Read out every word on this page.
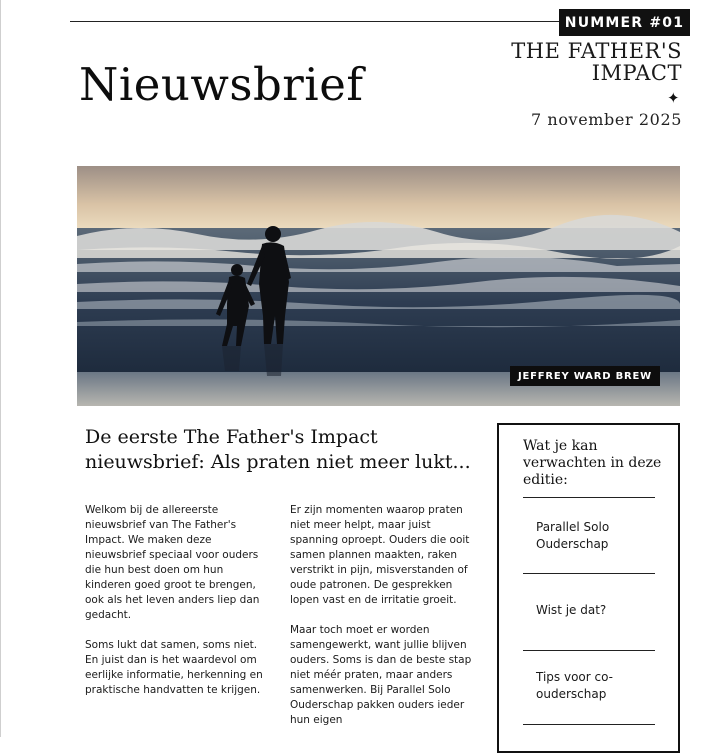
NUMMER #01
THE FATHER'S
IMPACT
✦
7 november 2025
Nieuwsbrief
JEFFREY WARD BREW
De eerste The Father's Impact nieuwsbrief: Als praten niet meer lukt...

Welkom bij de allereerste nieuwsbrief van The Father's Impact. We maken deze nieuwsbrief speciaal voor ouders die hun best doen om hun kinderen goed groot te brengen, ook als het leven anders liep dan gedacht.

Soms lukt dat samen, soms niet. En juist dan is het waardevol om eerlijke informatie, herkenning en praktische handvatten te krijgen.

Er zijn momenten waarop praten niet meer helpt, maar juist spanning oproept. Ouders die ooit samen plannen maakten, raken verstrikt in pijn, misverstanden of oude patronen. De gesprekken lopen vast en de irritatie groeit.

Maar toch moet er worden samengewerkt, want jullie blijven ouders. Soms is dan de beste stap niet méér praten, maar anders samenwerken. Bij Parallel Solo Ouderschap pakken ouders ieder hun eigen

Wat je kan verwachten in deze editie:
Parallel Solo Ouderschap
Wist je dat?
Tips voor co-ouderschap
